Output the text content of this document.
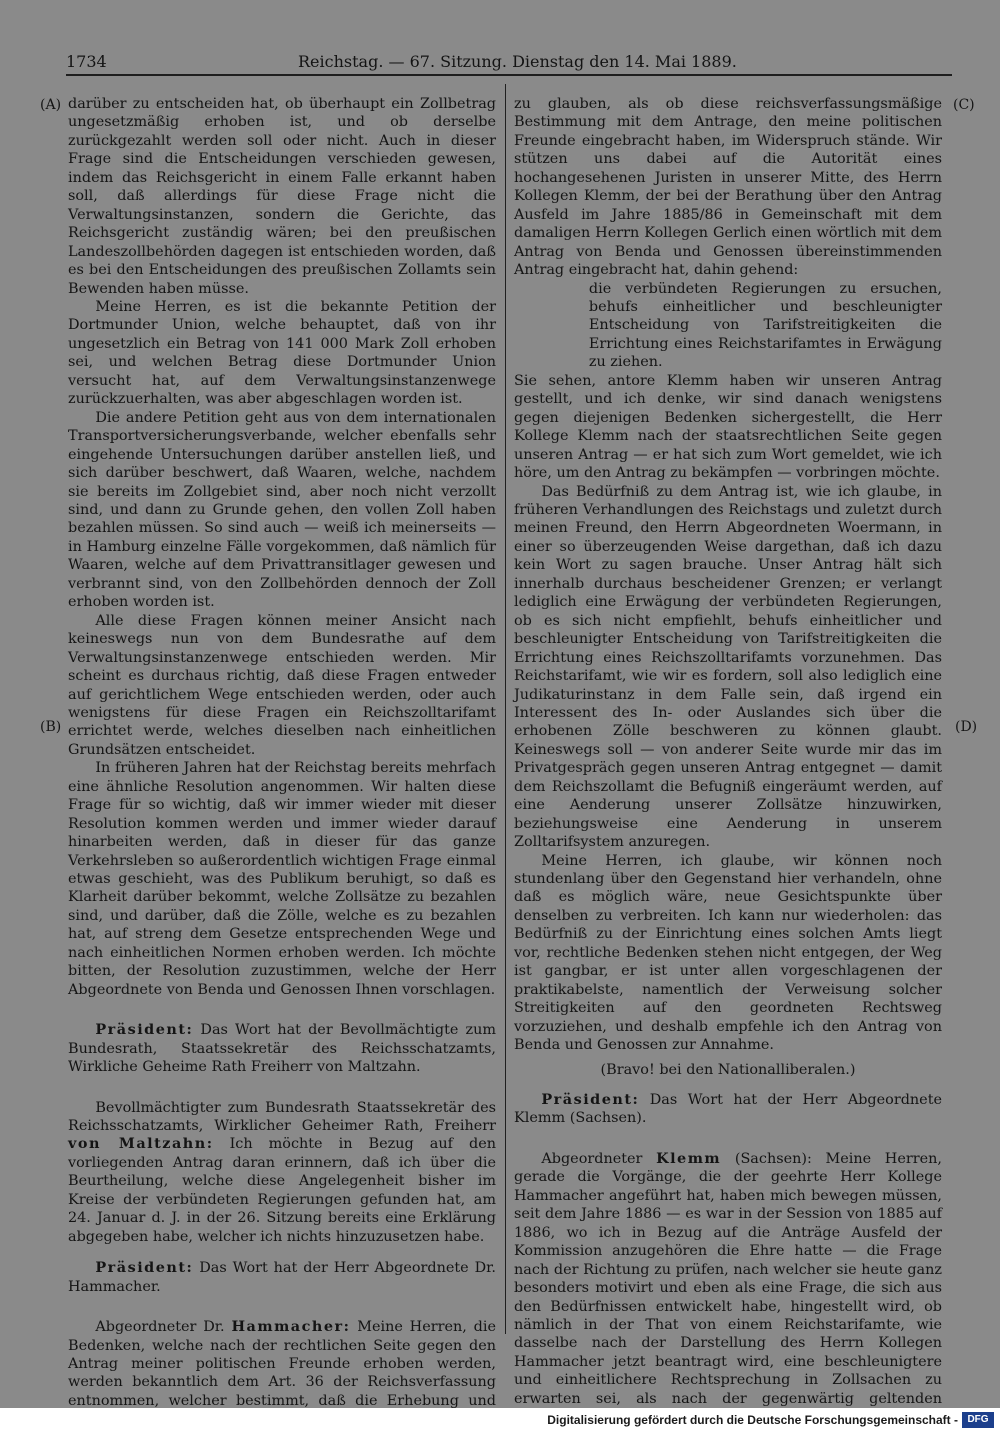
1734	Reichstag. — 67. Sitzung. Dienstag den 14. Mai 1889.
(A)
(B)
(C)
(D)

darüber zu entscheiden hat, ob überhaupt ein Zollbetrag ungesetzmäßig erhoben ist, und ob derselbe zurückgezahlt werden soll oder nicht. Auch in dieser Frage sind die Entscheidungen verschieden gewesen, indem das Reichsgericht in einem Falle erkannt haben soll, daß allerdings für diese Frage nicht die Verwaltungsinstanzen, sondern die Gerichte, das Reichsgericht zuständig wären; bei den preußischen Landeszollbehörden dagegen ist entschieden worden, daß es bei den Entscheidungen des preußischen Zollamts sein Bewenden haben müsse.

Meine Herren, es ist die bekannte Petition der Dortmunder Union, welche behauptet, daß von ihr ungesetzlich ein Betrag von 141 000 Mark Zoll erhoben sei, und welchen Betrag diese Dortmunder Union versucht hat, auf dem Verwaltungsinstanzenwege zurückzuerhalten, was aber abgeschlagen worden ist.

Die andere Petition geht aus von dem internationalen Transportversicherungsverbande, welcher ebenfalls sehr eingehende Untersuchungen darüber anstellen ließ, und sich darüber beschwert, daß Waaren, welche, nachdem sie bereits im Zollgebiet sind, aber noch nicht verzollt sind, und dann zu Grunde gehen, den vollen Zoll haben bezahlen müssen. So sind auch — weiß ich meinerseits — in Hamburg einzelne Fälle vorgekommen, daß nämlich für Waaren, welche auf dem Privattransitlager gewesen und verbrannt sind, von den Zollbehörden dennoch der Zoll erhoben worden ist.

Alle diese Fragen können meiner Ansicht nach keineswegs nun von dem Bundesrathe auf dem Verwaltungsinstanzenwege entschieden werden. Mir scheint es durchaus richtig, daß diese Fragen entweder auf gerichtlichem Wege entschieden werden, oder auch wenigstens für diese Fragen ein Reichszolltarifamt errichtet werde, welches dieselben nach einheitlichen Grundsätzen entscheidet.

In früheren Jahren hat der Reichstag bereits mehrfach eine ähnliche Resolution angenommen. Wir halten diese Frage für so wichtig, daß wir immer wieder mit dieser Resolution kommen werden und immer wieder darauf hinarbeiten werden, daß in dieser für das ganze Verkehrsleben so außerordentlich wichtigen Frage einmal etwas geschieht, was des Publikum beruhigt, so daß es Klarheit darüber bekommt, welche Zollsätze zu bezahlen sind, und darüber, daß die Zölle, welche es zu bezahlen hat, auf streng dem Gesetze entsprechenden Wege und nach einheitlichen Normen erhoben werden. Ich möchte bitten, der Resolution zuzustimmen, welche der Herr Abgeordnete von Benda und Genossen Ihnen vorschlagen.

Präsident: Das Wort hat der Bevollmächtigte zum Bundesrath, Staatssekretär des Reichsschatzamts, Wirkliche Geheime Rath Freiherr von Maltzahn.

Bevollmächtigter zum Bundesrath Staatssekretär des Reichsschatzamts, Wirklicher Geheimer Rath, Freiherr von Maltzahn: Ich möchte in Bezug auf den vorliegenden Antrag daran erinnern, daß ich über die Beurtheilung, welche diese Angelegenheit bisher im Kreise der verbündeten Regierungen gefunden hat, am 24. Januar d. J. in der 26. Sitzung bereits eine Erklärung abgegeben habe, welcher ich nichts hinzuzusetzen habe.

Präsident: Das Wort hat der Herr Abgeordnete Dr. Hammacher.

Abgeordneter Dr. Hammacher: Meine Herren, die Bedenken, welche nach der rechtlichen Seite gegen den Antrag meiner politischen Freunde erhoben werden, werden bekanntlich dem Art. 36 der Reichsverfassung entnommen, welcher bestimmt, daß die Erhebung und

zu glauben, als ob diese reichsverfassungsmäßige Bestimmung mit dem Antrage, den meine politischen Freunde eingebracht haben, im Widerspruch stände. Wir stützen uns dabei auf die Autorität eines hochangesehenen Juristen in unserer Mitte, des Herrn Kollegen Klemm, der bei der Berathung über den Antrag Ausfeld im Jahre 1885/86 in Gemeinschaft mit dem damaligen Herrn Kollegen Gerlich einen wörtlich mit dem Antrag von Benda und Genossen übereinstimmenden Antrag eingebracht hat, dahin gehend:

die verbündeten Regierungen zu ersuchen, behufs einheitlicher und beschleunigter Entscheidung von Tarifstreitigkeiten die Errichtung eines Reichstarifamtes in Erwägung zu ziehen.

Sie sehen, antore Klemm haben wir unseren Antrag gestellt, und ich denke, wir sind danach wenigstens gegen diejenigen Bedenken sichergestellt, die Herr Kollege Klemm nach der staatsrechtlichen Seite gegen unseren Antrag — er hat sich zum Wort gemeldet, wie ich höre, um den Antrag zu bekämpfen — vorbringen möchte.

Das Bedürfniß zu dem Antrag ist, wie ich glaube, in früheren Verhandlungen des Reichstags und zuletzt durch meinen Freund, den Herrn Abgeordneten Woermann, in einer so überzeugenden Weise dargethan, daß ich dazu kein Wort zu sagen brauche. Unser Antrag hält sich innerhalb durchaus bescheidener Grenzen; er verlangt lediglich eine Erwägung der verbündeten Regierungen, ob es sich nicht empfiehlt, behufs einheitlicher und beschleunigter Entscheidung von Tarifstreitigkeiten die Errichtung eines Reichszolltarifamts vorzunehmen. Das Reichstarifamt, wie wir es fordern, soll also lediglich eine Judikaturinstanz in dem Falle sein, daß irgend ein Interessent des In- oder Auslandes sich über die erhobenen Zölle beschweren zu können glaubt. Keineswegs soll — von anderer Seite wurde mir das im Privatgespräch gegen unseren Antrag entgegnet — damit dem Reichszollamt die Befugniß eingeräumt werden, auf eine Aenderung unserer Zollsätze hinzuwirken, beziehungsweise eine Aenderung in unserem Zolltarifsystem anzuregen.

Meine Herren, ich glaube, wir können noch stundenlang über den Gegenstand hier verhandeln, ohne daß es möglich wäre, neue Gesichtspunkte über denselben zu verbreiten. Ich kann nur wiederholen: das Bedürfniß zu der Einrichtung eines solchen Amts liegt vor, rechtliche Bedenken stehen nicht entgegen, der Weg ist gangbar, er ist unter allen vorgeschlagenen der praktikabelste, namentlich der Verweisung solcher Streitigkeiten auf den geordneten Rechtsweg vorzuziehen, und deshalb empfehle ich den Antrag von Benda und Genossen zur Annahme.

(Bravo! bei den Nationalliberalen.)

Präsident: Das Wort hat der Herr Abgeordnete Klemm (Sachsen).

Abgeordneter Klemm (Sachsen): Meine Herren, gerade die Vorgänge, die der geehrte Herr Kollege Hammacher angeführt hat, haben mich bewegen müssen, seit dem Jahre 1886 — es war in der Session von 1885 auf 1886, wo ich in Bezug auf die Anträge Ausfeld der Kommission anzugehören die Ehre hatte — die Frage nach der Richtung zu prüfen, nach welcher sie heute ganz besonders motivirt und eben als eine Frage, die sich aus den Bedürfnissen entwickelt habe, hingestellt wird, ob nämlich in der That von einem Reichstarifamte, wie dasselbe nach der Darstellung des Herrn Kollegen Hammacher jetzt beantragt wird, eine beschleunigtere und einheitlichere Rechtsprechung in Zollsachen zu erwarten sei, als nach der gegenwärtig geltenden

Digitalisierung gefördert durch die Deutsche Forschungsgemeinschaft - DFG
